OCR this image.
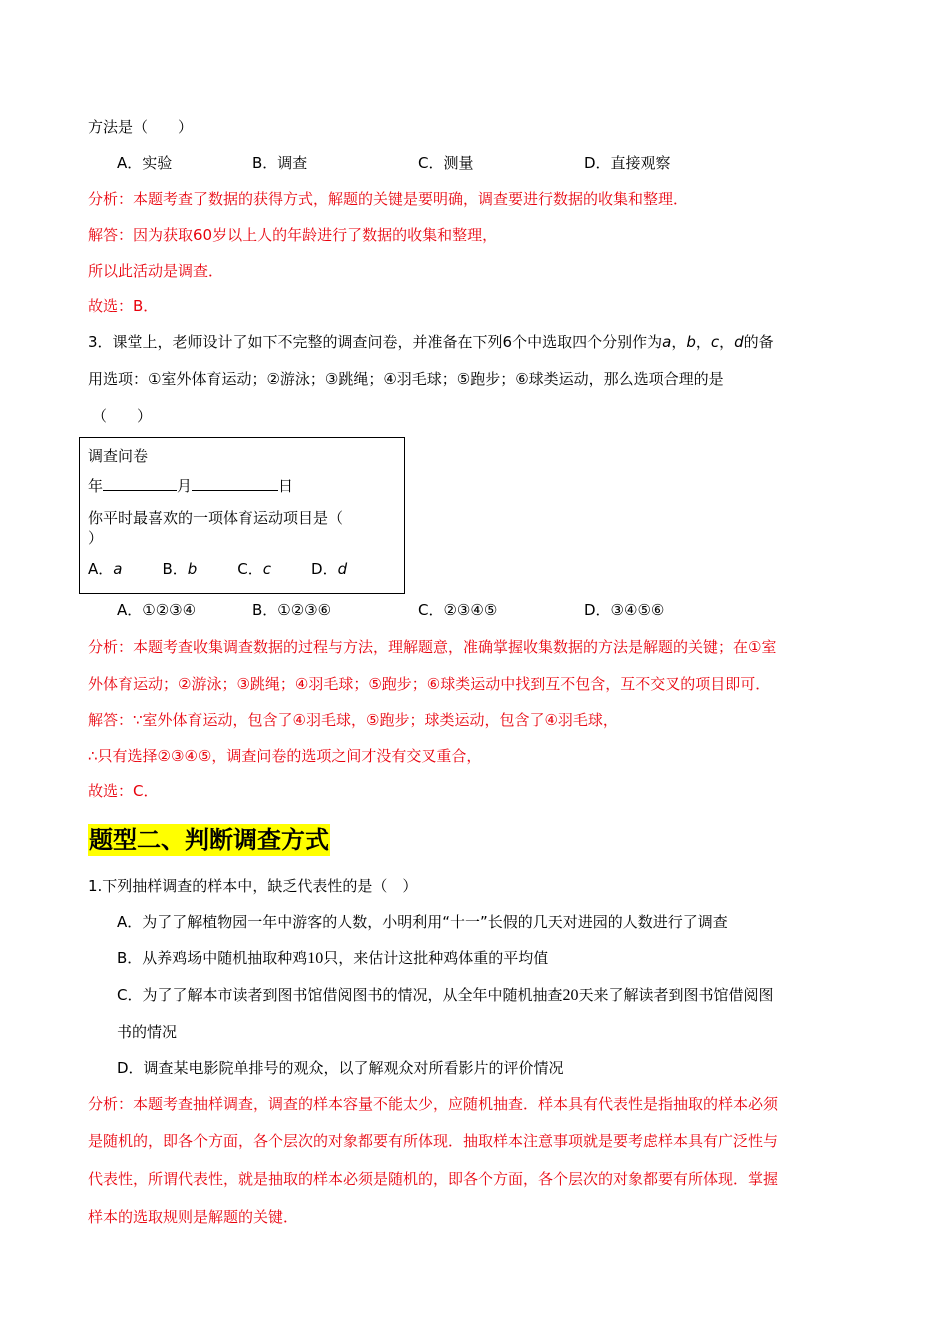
方法是（　　）
A．实验	B．调查	C．测量	D．直接观察
分析：本题考查了数据的获得方式，解题的关键是要明确，调查要进行数据的收集和整理．
解答：因为获取60岁以上人的年龄进行了数据的收集和整理，
所以此活动是调查．
故选：B．
3．课堂上，老师设计了如下不完整的调查问卷，并准备在下列6个中选取四个分别作为a，b，c，d的备
用选项：①室外体育运动；②游泳；③跳绳；④羽毛球；⑤跑步；⑥球类运动，那么选项合理的是
（　　）
调查问卷
年	月	日
你平时最喜欢的一项体育运动项目是（
）
A．a	B．b	C．c	D．d
A．①②③④	B．①②③⑥	C．②③④⑤	D．③④⑤⑥
分析：本题考查收集调查数据的过程与方法，理解题意，准确掌握收集数据的方法是解题的关键；在①室
外体育运动；②游泳；③跳绳；④羽毛球；⑤跑步；⑥球类运动中找到互不包含，互不交叉的项目即可．
解答：∵室外体育运动，包含了④羽毛球，⑤跑步；球类运动，包含了④羽毛球，
∴只有选择②③④⑤，调查问卷的选项之间才没有交叉重合，
故选：C．
题型二、判断调查方式
1.下列抽样调查的样本中，缺乏代表性的是（　）
A．为了了解植物园一年中游客的人数，小明利用“十一”长假的几天对进园的人数进行了调查
B．从养鸡场中随机抽取种鸡10只，来估计这批种鸡体重的平均值
C．为了了解本市读者到图书馆借阅图书的情况，从全年中随机抽查20天来了解读者到图书馆借阅图
书的情况
D．调查某电影院单排号的观众，以了解观众对所看影片的评价情况
分析：本题考查抽样调查，调查的样本容量不能太少，应随机抽查．样本具有代表性是指抽取的样本必须
是随机的，即各个方面，各个层次的对象都要有所体现．抽取样本注意事项就是要考虑样本具有广泛性与
代表性，所谓代表性，就是抽取的样本必须是随机的，即各个方面，各个层次的对象都要有所体现．掌握
样本的选取规则是解题的关键．
